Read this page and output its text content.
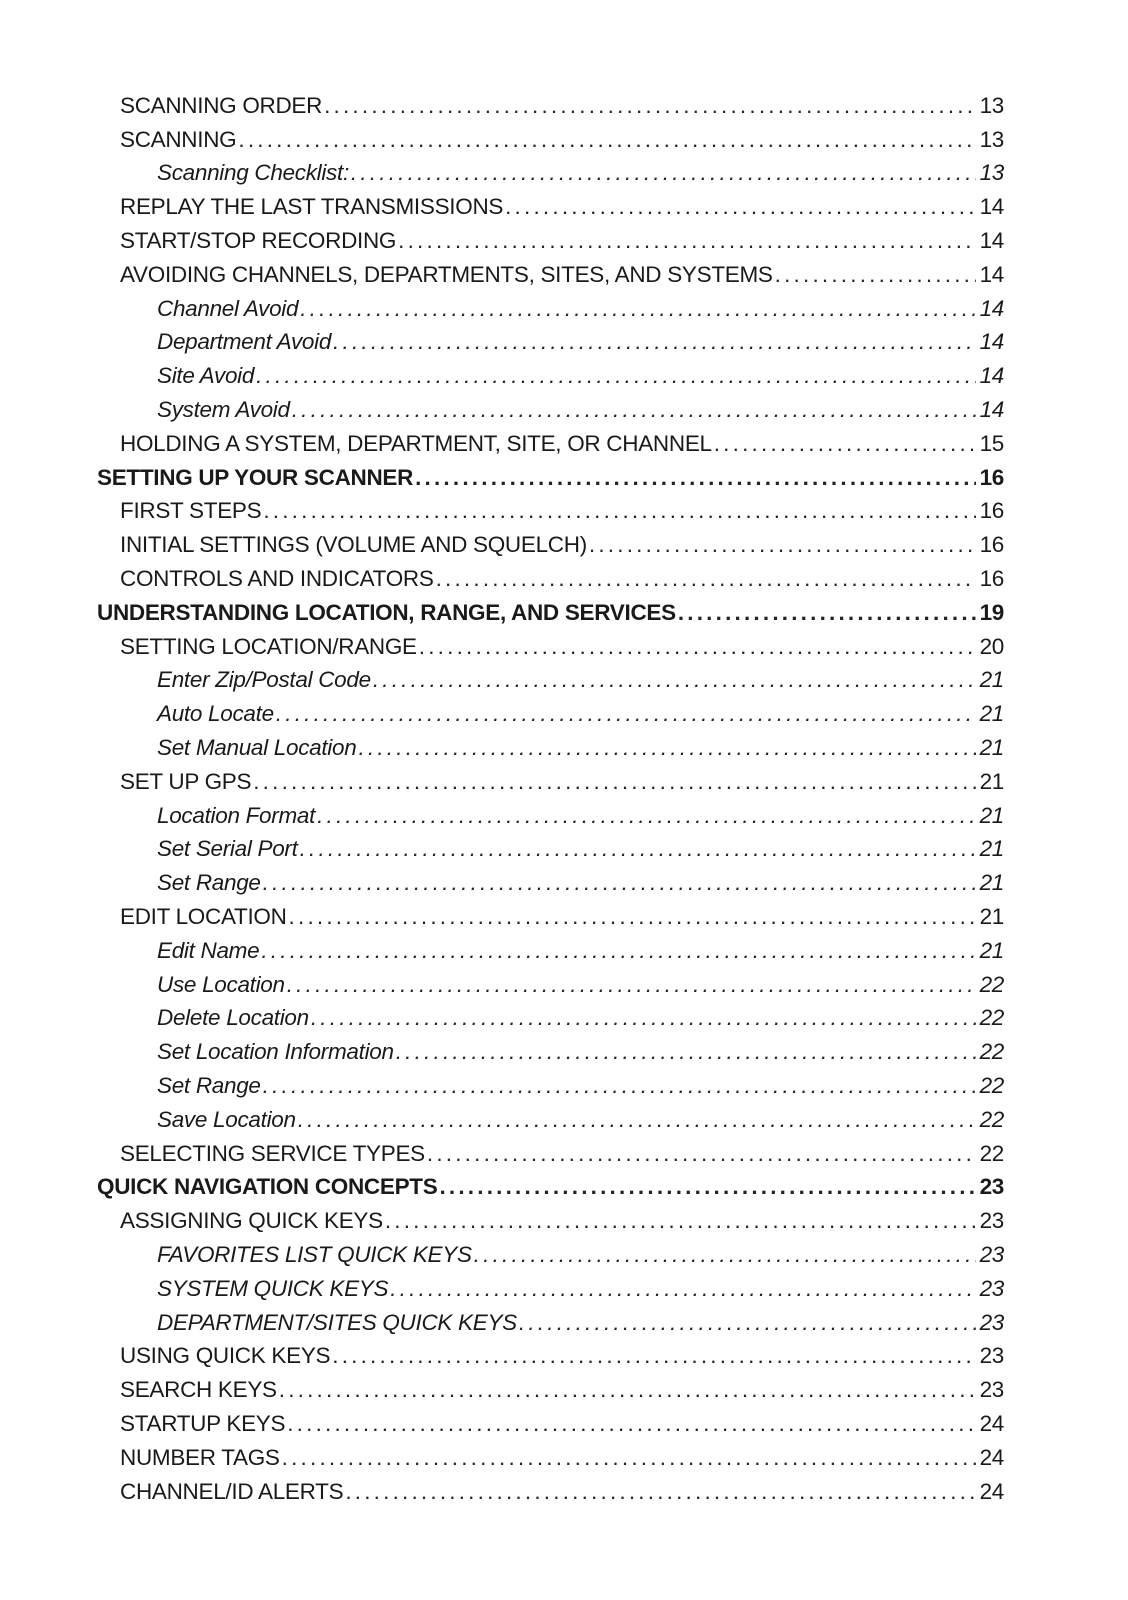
SCANNING ORDER .....	13
SCANNING .....	13
Scanning Checklist: .....	13
REPLAY THE LAST TRANSMISSIONS .....	14
START/STOP RECORDING .....	14
AVOIDING CHANNELS, DEPARTMENTS, SITES, AND SYSTEMS .....	14
Channel Avoid .....	14
Department Avoid .....	14
Site Avoid .....	14
System Avoid .....	14
HOLDING A SYSTEM, DEPARTMENT, SITE, OR CHANNEL .....	15
SETTING UP YOUR SCANNER .....	16
FIRST STEPS .....	16
INITIAL SETTINGS (VOLUME AND SQUELCH) .....	16
CONTROLS AND INDICATORS .....	16
UNDERSTANDING LOCATION, RANGE, AND SERVICES .....	19
SETTING LOCATION/RANGE .....	20
Enter Zip/Postal Code .....	21
Auto Locate .....	21
Set Manual Location .....	21
SET UP GPS .....	21
Location Format .....	21
Set Serial Port .....	21
Set Range .....	21
EDIT LOCATION .....	21
Edit Name .....	21
Use Location .....	22
Delete Location .....	22
Set Location Information .....	22
Set Range .....	22
Save Location .....	22
SELECTING SERVICE TYPES .....	22
QUICK NAVIGATION CONCEPTS .....	23
ASSIGNING QUICK KEYS .....	23
FAVORITES LIST QUICK KEYS .....	23
SYSTEM QUICK KEYS .....	23
DEPARTMENT/SITES QUICK KEYS .....	23
USING QUICK KEYS .....	23
SEARCH KEYS .....	23
STARTUP KEYS .....	24
NUMBER TAGS .....	24
CHANNEL/ID ALERTS .....	24
